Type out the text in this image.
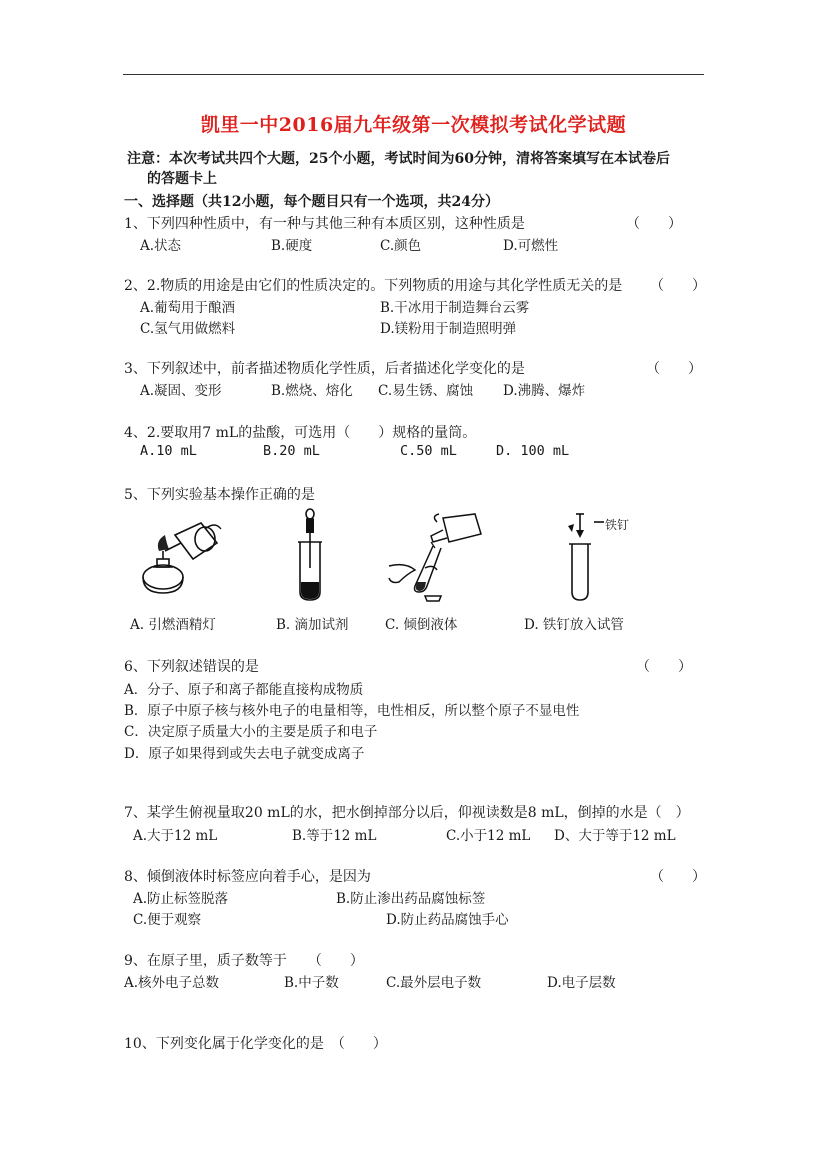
凯里一中2016届九年级第一次模拟考试化学试题
注意：本次考试共四个大题，25个小题，考试时间为60分钟，清将答案填写在本试卷后
的答题卡上
一、选择题（共12小题，每个题目只有一个选项，共24分）
1、下列四种性质中，有一种与其他三种有本质区别，这种性质是	（　　）
A.状态	B.硬度	C.颜色	D.可燃性
2、2.物质的用途是由它们的性质决定的。下列物质的用途与其化学性质无关的是 （　　）
A.葡萄用于酿酒	B.干冰用于制造舞台云雾
C.氢气用做燃料	D.镁粉用于制造照明弹
3、下列叙述中，前者描述物质化学性质，后者描述化学变化的是	（　　）
A.凝固、变形	B.燃烧、熔化 C.易生锈、腐蚀 D.沸腾、爆炸
4、2.要取用7 mL的盐酸，可选用（　　）规格的量筒。
A.10 mL	B.20 mL	C.50 mL	D. 100 mL
5、下列实验基本操作正确的是
A. 引燃酒精灯	B. 滴加试剂	C. 倾倒液体
铁钉
D. 铁钉放入试管
6、下列叙述错误的是	（　　）
A．分子、原子和离子都能直接构成物质
B．原子中原子核与核外电子的电量相等，电性相反，所以整个原子不显电性
C．决定原子质量大小的主要是质子和电子
D．原子如果得到或失去电子就变成离子
7、某学生俯视量取20 mL的水，把水倒掉部分以后，仰视读数是8 mL，倒掉的水是（　）
A.大于12 mL	B.等于12 mL	C.小于12 mL D、大于等于12 mL
8、倾倒液体时标签应向着手心，是因为	（　　）
A.防止标签脱落	B.防止渗出药品腐蚀标签
C.便于观察	D.防止药品腐蚀手心
9、在原子里，质子数等于　　（　　）
A.核外电子总数	B.中子数	C.最外层电子数	D.电子层数
10、下列变化属于化学变化的是　（　　）
